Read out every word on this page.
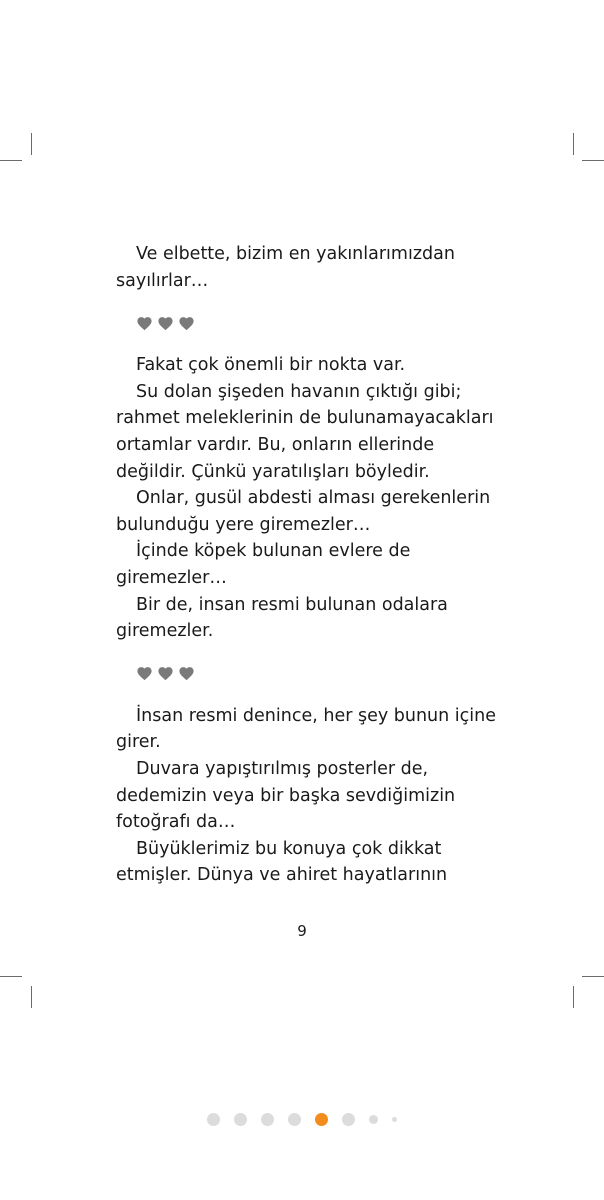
Ve elbette, bizim en yakınlarımızdan sayılırlar…

Fakat çok önemli bir nokta var.

Su dolan şişeden havanın çıktığı gibi; rahmet meleklerinin de bulunamayacakları ortamlar vardır. Bu, onların ellerinde değildir. Çünkü yaratılışları böyledir.

Onlar, gusül abdesti alması gerekenlerin bulunduğu yere giremezler…

İçinde köpek bulunan evlere de giremezler…

Bir de, insan resmi bulunan odalara giremezler.

İnsan resmi denince, her şey bunun içine girer.

Duvara yapıştırılmış posterler de, dedemizin veya bir başka sevdiğimizin fotoğrafı da…

Büyüklerimiz bu konuya çok dikkat etmişler. Dünya ve ahiret hayatlarının

9
